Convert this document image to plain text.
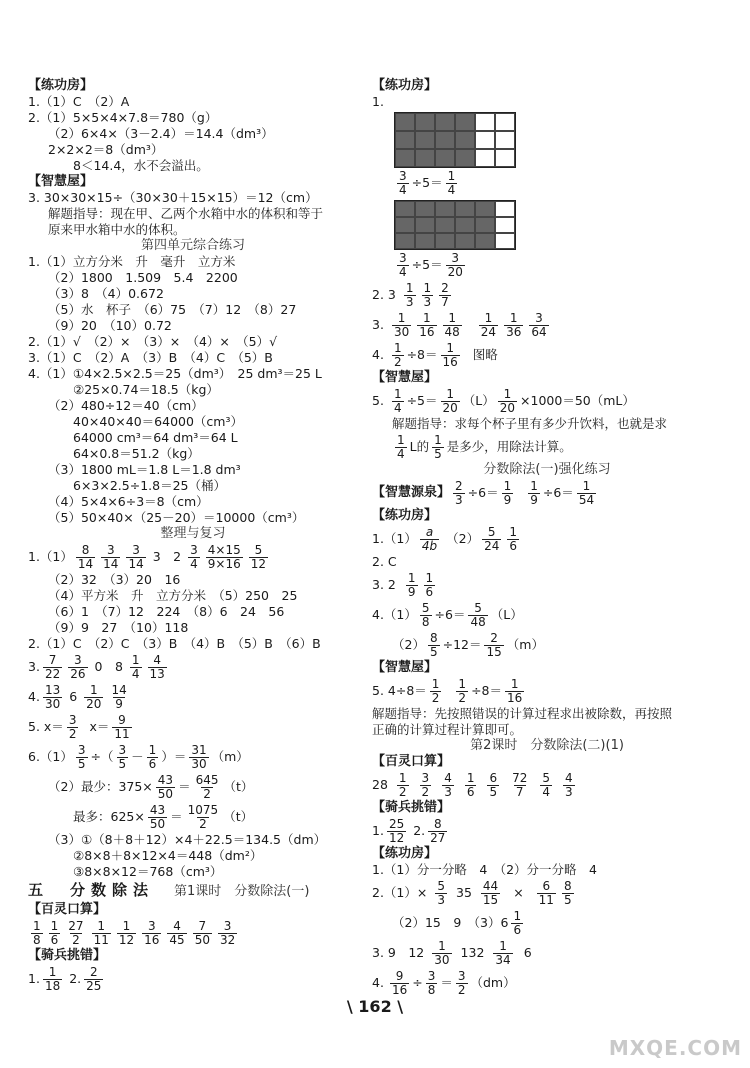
【练功房】
1.（1）C　（2）A
2.（1）5×5×4×7.8＝780（g）
（2）6×4×（3－2.4）＝14.4（dm³）
2×2×2＝8（dm³）
8＜14.4，水不会溢出。
【智慧屋】
3. 30×30×15÷（30×30＋15×15）＝12（cm）
解题指导：现在甲、乙两个水箱中水的体积和等于
原来甲水箱中水的体积。
第四单元综合练习
1.（1）立方分米　升　毫升　立方米
（2）1800　1.509　5.4　2200
（3）8　（4）0.672
（5）水　杯子　（6）75　（7）12　（8）27
（9）20　（10）0.72
2.（1）√　（2）×　（3）×　（4）×　（5）√
3.（1）C　（2）A　（3）B　（4）C　（5）B
4.（1）①4×2.5×2.5＝25（dm³）　25 dm³＝25 L
②25×0.74＝18.5（kg）
（2）480÷12＝40（cm）
40×40×40＝64000（cm³）
64000 cm³＝64 dm³＝64 L
64×0.8＝51.2（kg）
（3）1800 mL＝1.8 L＝1.8 dm³
6×3×2.5÷1.8＝25（桶）
（4）5×4×6÷3＝8（cm）
（5）50×40×（25－20）＝10000（cm³）
整理与复习
$1.(1) \frac{8}{14} \frac{3}{14} \frac{3}{14} 3$　$2 \frac{3}{4} \frac{4\times 15}{9\times 16} \frac{5}{12}$
（2）32　（3）20　16
（4）平方米　升　立方分米　（5）250　25
（6）1　（7）12　224　（8）6　24　56
（9）9　27　（10）118
2.（1）C　（2）C　（3）B　（4）B　（5）B　（6）B
3. $\frac{7}{22} \frac{3}{26} 0$　$8 \frac{1}{4} \frac{4}{13}$
4. $\frac{13}{30} 6 \frac{1}{20} \frac{14}{9}$
5. $x= \frac{3}{2} x= \frac{9}{11}$
$6.(1) \frac{3}{5}$ ÷（ $\frac{3}{5} - \frac{1}{6}$ ）＝ $\frac{31}{30} (m)$
（2）最少：$375\times \frac{43}{50} = \frac{645}{2} (t)$
最多：$625\times \frac{43}{50} = \frac{1075}{2} (t)$
（3）①（8＋8＋12）×4＋22.5＝134.5（dm）
②8×8＋8×12×4＝448（dm²）
③8×8×12＝768（cm³）
五　分数除法 第1课时　分数除法(一)
【百灵口算】
$\frac{1}{8} \frac{1}{6} \frac{27}{2} \frac{1}{11} \frac{1}{12} \frac{3}{16} \frac{4}{45} \frac{7}{50} \frac{3}{32}$
【骑兵挑错】
1. $\frac{1}{18} 2$. $\frac{2}{25}$
【练功房】
1.
$\frac{3}{4} \div 5= \frac{1}{4}$
$\frac{3}{4} \div 5= \frac{3}{20}$
2. $3 \frac{1}{3} \frac{1}{3} \frac{2}{7}$
3. $\frac{1}{30} \frac{1}{16} \frac{1}{48} \frac{1}{24} \frac{1}{36} \frac{3}{64}$
4. $\frac{1}{2} \div 8= \frac{1}{16}$ 图略
【智慧屋】
5. $\frac{1}{4} \div 5= \frac{1}{20} (L) \frac{1}{20} \times 1000=50(mL)$
解题指导：求每个杯子里有多少升饮料，也就是求
$\frac{1}{4}$ L的 $\frac{1}{5}$ 是多少，用除法计算。
分数除法(一)强化练习
【智慧源泉】 $\frac{2}{3} \div 6= \frac{1}{9} \frac{1}{9} \div 6= \frac{1}{54}$
【练功房】
$1.(1) \frac{a}{4b} (2) \frac{5}{24} \frac{1}{6}$
2. C
3. $2 \frac{1}{9} \frac{1}{6}$
$4.(1) \frac{5}{8} \div 6= \frac{5}{48} (L)$
$(2) \frac{8}{5} \div 12= \frac{2}{15} (m)$
【智慧屋】
5. $4\div 8= \frac{1}{2} \frac{1}{2} \div 8= \frac{1}{16}$
解题指导：先按照错误的计算过程求出被除数，再按照
正确的计算过程计算即可。
第2课时　分数除法(二)(1)
【百灵口算】
$28 \frac{1}{2} \frac{3}{2} \frac{4}{3} \frac{1}{6} \frac{6}{5} \frac{72}{7} \frac{5}{4} \frac{4}{3}$
【骑兵挑错】
1. $\frac{25}{12} 2$. $\frac{8}{27}$
【练功房】
1.（1）分一分略　4　（2）分一分略　4
$2.(1)\times \frac{5}{3} 35 \frac{44}{15} \times \frac{6}{11} \frac{8}{5}$
（2）15　9　$(3)6 \frac{1}{6}$
3. 9　$12 \frac{1}{30} 132 \frac{1}{34} 6$
4. $\frac{9}{16} \div \frac{3}{8} = \frac{3}{2} (dm)$
\ 162 \
MXQE.COM
